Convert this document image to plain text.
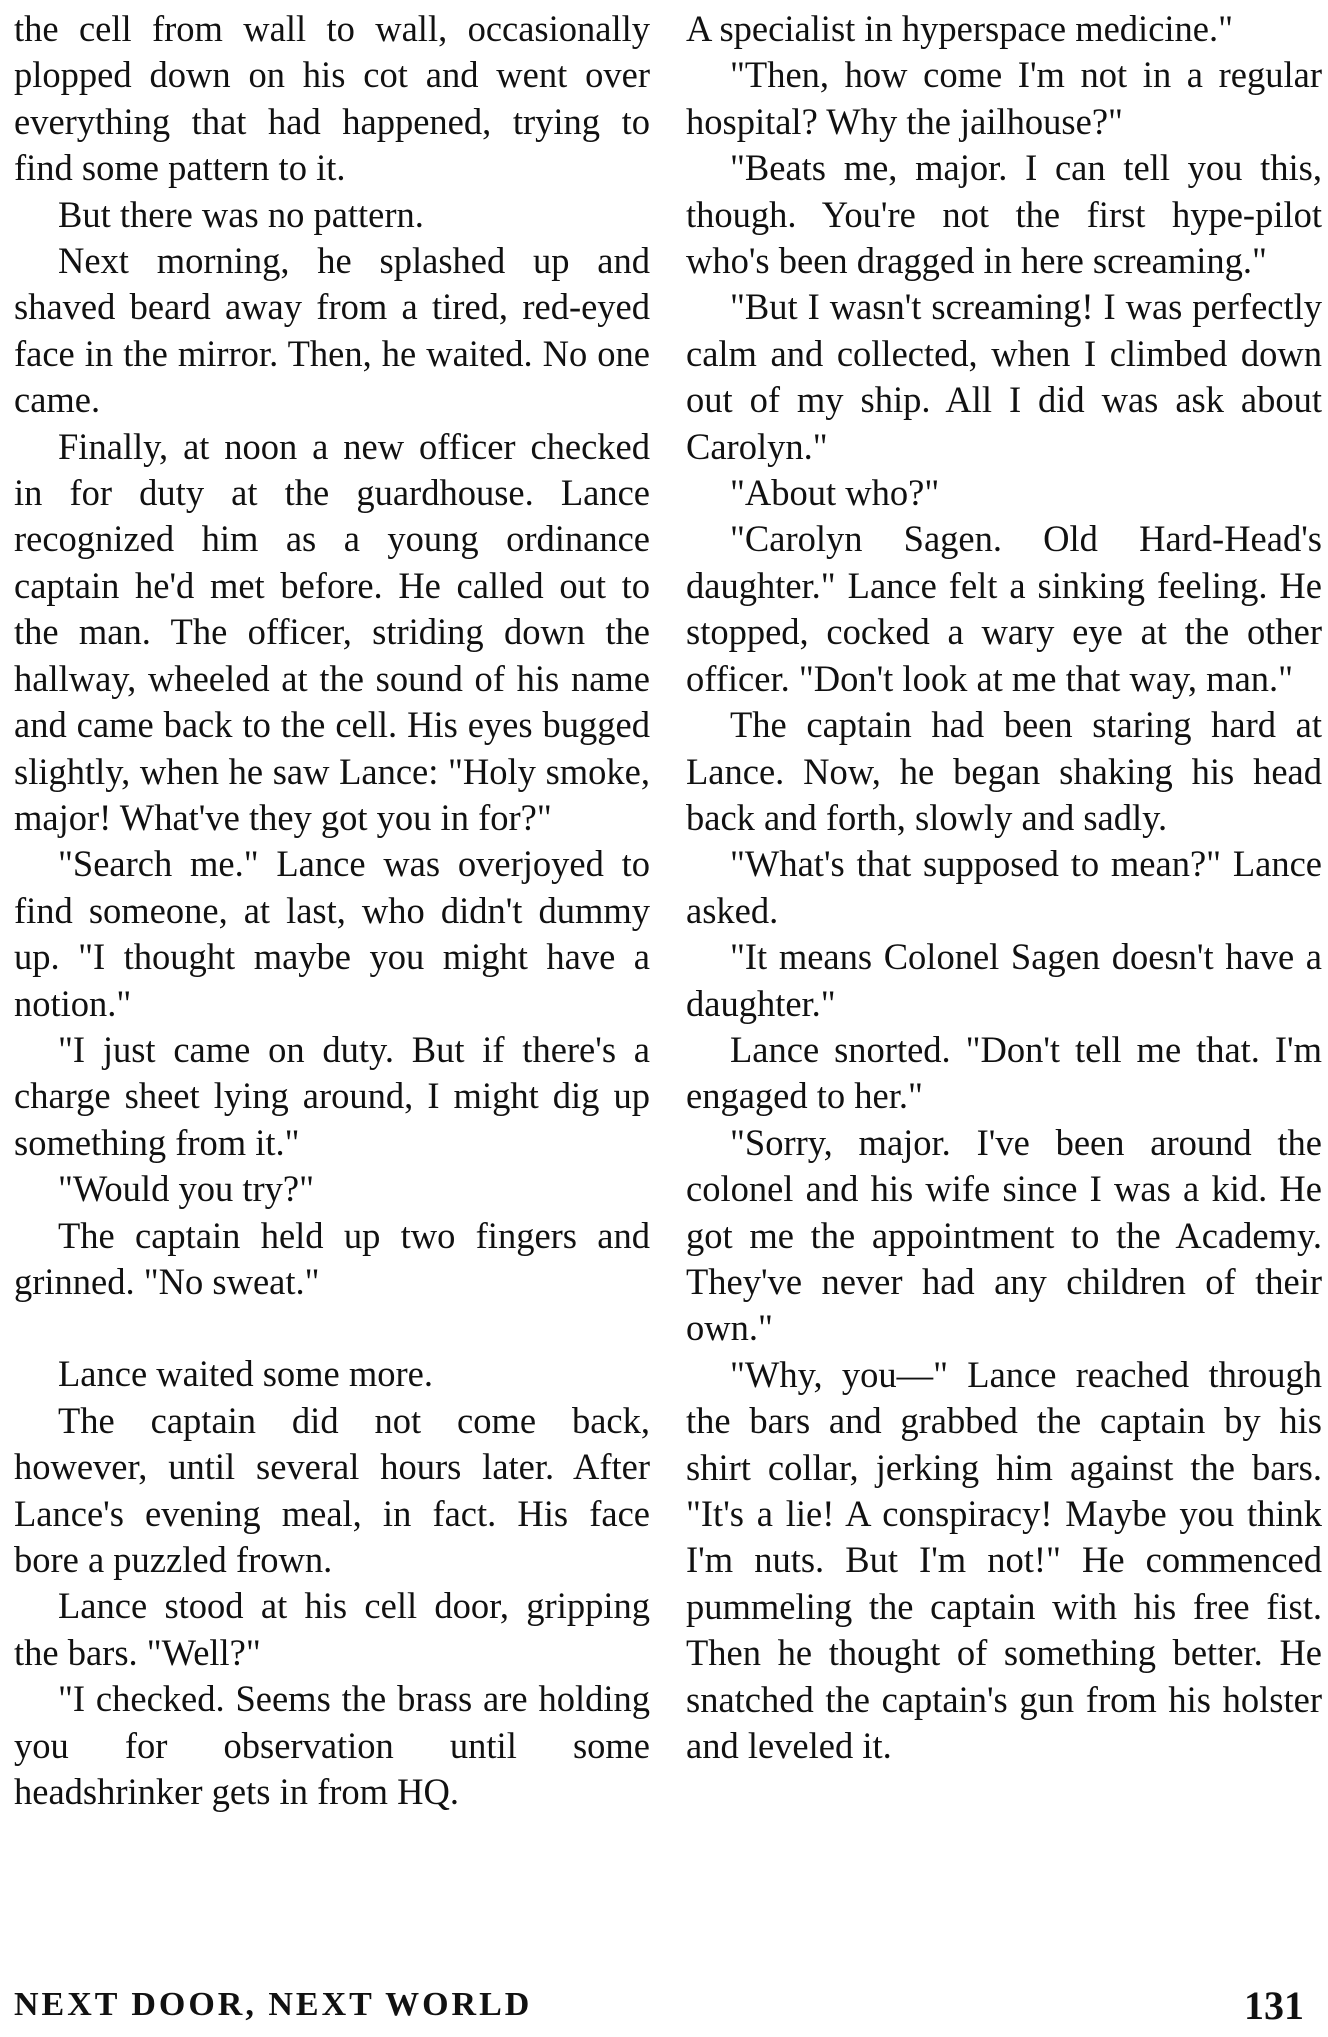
the cell from wall to wall, occasionally plopped down on his cot and went over everything that had happened, trying to find some pattern to it.

But there was no pattern.

Next morning, he splashed up and shaved beard away from a tired, red-eyed face in the mirror. Then, he waited. No one came.

Finally, at noon a new officer checked in for duty at the guardhouse. Lance recognized him as a young ordinance captain he'd met before. He called out to the man. The officer, striding down the hallway, wheeled at the sound of his name and came back to the cell. His eyes bugged slightly, when he saw Lance: "Holy smoke, major! What've they got you in for?"

"Search me." Lance was overjoyed to find someone, at last, who didn't dummy up. "I thought maybe you might have a notion."

"I just came on duty. But if there's a charge sheet lying around, I might dig up something from it."

"Would you try?"

The captain held up two fingers and grinned. "No sweat."

Lance waited some more.

The captain did not come back, however, until several hours later. After Lance's evening meal, in fact. His face bore a puzzled frown.

Lance stood at his cell door, gripping the bars. "Well?"

"I checked. Seems the brass are holding you for observation until some headshrinker gets in from HQ.

A specialist in hyperspace medicine."

"Then, how come I'm not in a regular hospital? Why the jailhouse?"

"Beats me, major. I can tell you this, though. You're not the first hype-pilot who's been dragged in here screaming."

"But I wasn't screaming! I was perfectly calm and collected, when I climbed down out of my ship. All I did was ask about Carolyn."

"About who?"

"Carolyn Sagen. Old Hard-Head's daughter." Lance felt a sinking feeling. He stopped, cocked a wary eye at the other officer. "Don't look at me that way, man."

The captain had been staring hard at Lance. Now, he began shaking his head back and forth, slowly and sadly.

"What's that supposed to mean?" Lance asked.

"It means Colonel Sagen doesn't have a daughter."

Lance snorted. "Don't tell me that. I'm engaged to her."

"Sorry, major. I've been around the colonel and his wife since I was a kid. He got me the appointment to the Academy. They've never had any children of their own."

"Why, you—" Lance reached through the bars and grabbed the captain by his shirt collar, jerking him against the bars. "It's a lie! A conspiracy! Maybe you think I'm nuts. But I'm not!" He commenced pummeling the captain with his free fist. Then he thought of something better. He snatched the captain's gun from his holster and leveled it.

NEXT DOOR, NEXT WORLD	131
